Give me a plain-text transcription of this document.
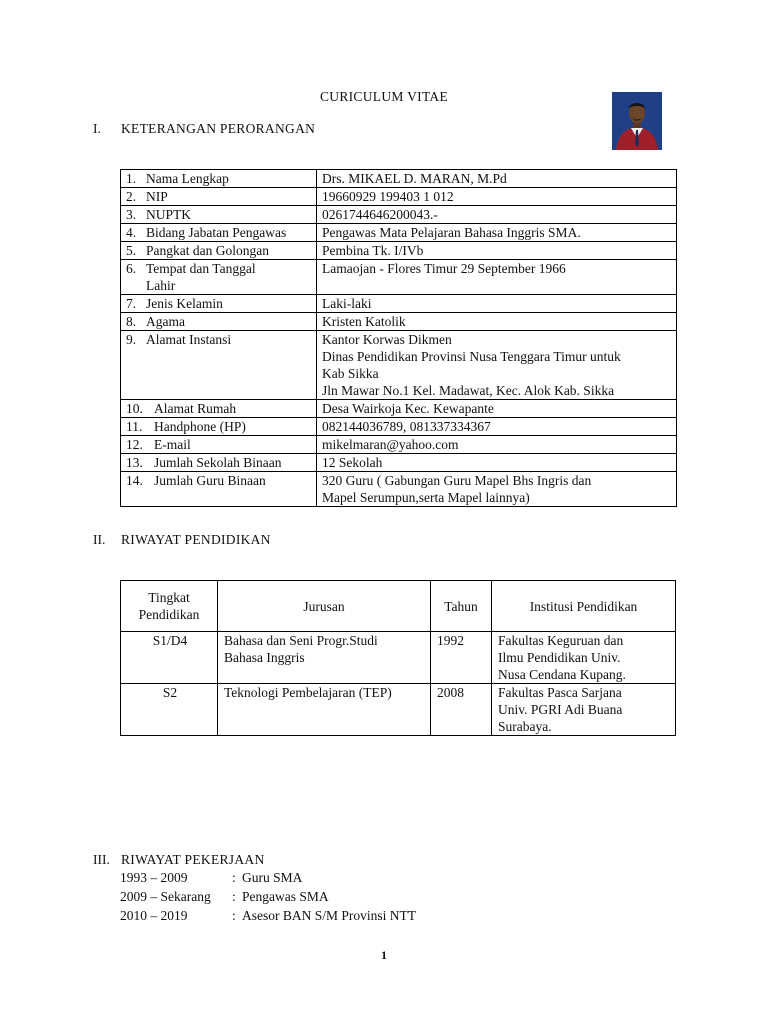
CURICULUM VITAE
I. KETERANGAN PERORANGAN
1. Nama Lengkap	Drs. MIKAEL D. MARAN, M.Pd

2. NIP	19660929 199403 1 012

3. NUPTK	0261744646200043.-

4. Bidang Jabatan Pengawas	Pengawas Mata Pelajaran Bahasa Inggris SMA.

5. Pangkat dan Golongan	Pembina Tk. I/IVb

6. Tempat dan Tanggal
Lahir	Lamaojan - Flores Timur 29 September 1966

7. Jenis Kelamin	Laki-laki

8. Agama	Kristen Katolik

9. Alamat Instansi	Kantor Korwas Dikmen
Dinas Pendidikan Provinsi Nusa Tenggara Timur untuk
Kab Sikka
Jln Mawar No.1 Kel. Madawat, Kec. Alok Kab. Sikka

10. Alamat Rumah	Desa Wairkoja Kec. Kewapante

11. Handphone (HP)	082144036789, 081337334367

12. E-mail	mikelmaran@yahoo.com

13. Jumlah Sekolah Binaan	12 Sekolah

14. Jumlah Guru Binaan	320 Guru ( Gabungan Guru Mapel Bhs Ingris dan
Mapel Serumpun,serta Mapel lainnya)
II. RIWAYAT PENDIDIKAN
Tingkat
Pendidikan	Jurusan	Tahun	Institusi Pendidikan
S1/D4	Bahasa dan Seni Progr.Studi
Bahasa Inggris	1992	Fakultas Keguruan dan
Ilmu Pendidikan Univ.
Nusa Cendana Kupang.

S2	Teknologi Pembelajaran (TEP)	2008	Fakultas Pasca Sarjana
Univ. PGRI Adi Buana
Surabaya.
III. RIWAYAT PEKERJAAN
1993 – 2009	: Guru SMA
2009 – Sekarang	: Pengawas SMA
2010 – 2019	: Asesor BAN S/M Provinsi NTT
1
